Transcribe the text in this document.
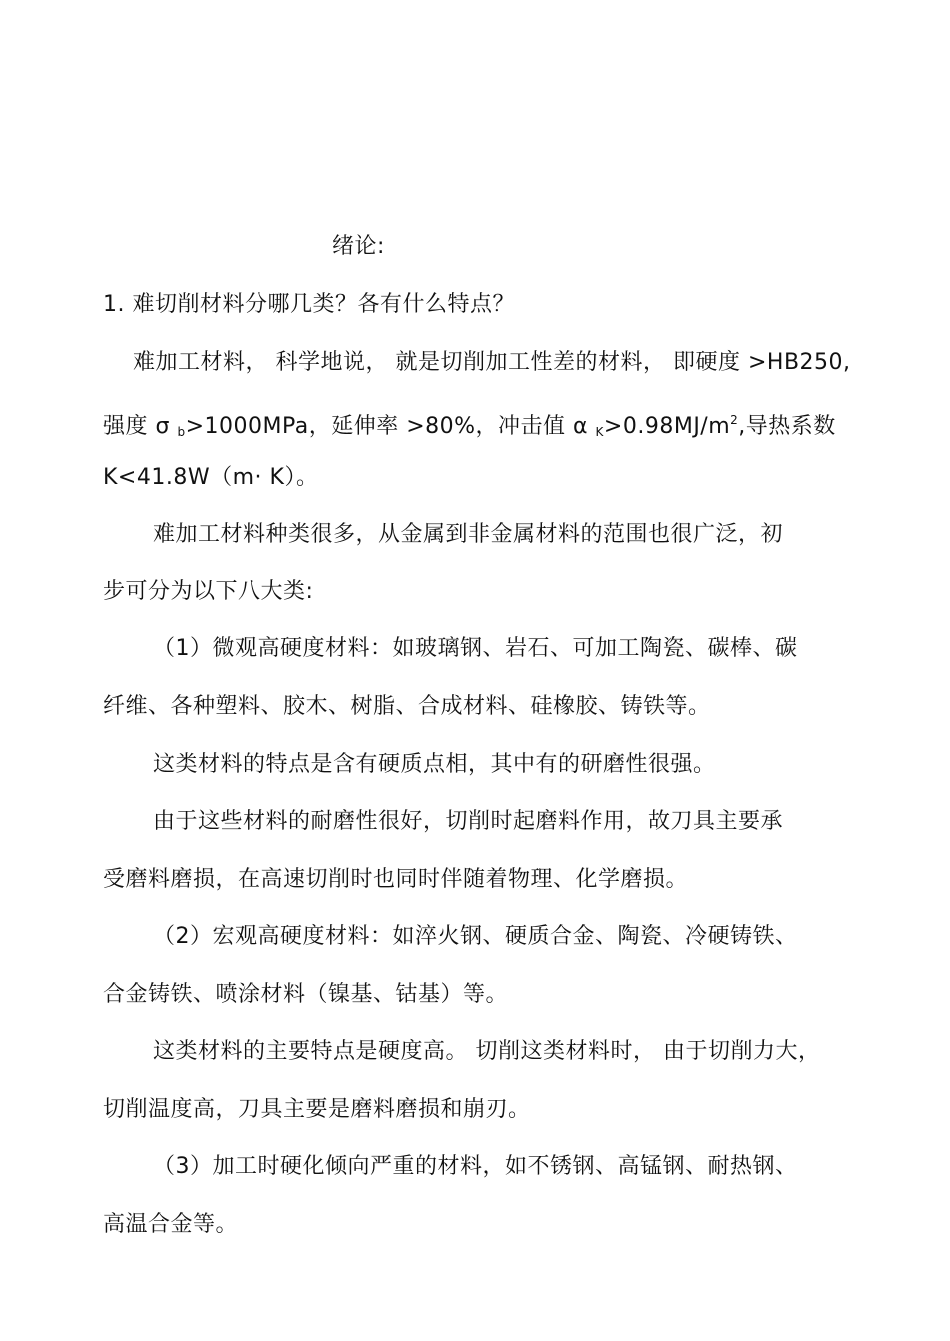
绪论:
1. 难切削材料分哪几类？各有什么特点？
难加工材料， 科学地说， 就是切削加工性差的材料， 即硬度 >HB250,
强度 σ $_b$>1000MPa，延伸率 >80%，冲击值 α $_K>0.98MJ/m^2$,导热系数
K<41.8W（m· K）。
难加工材料种类很多，从金属到非金属材料的范围也很广泛，初
步可分为以下八大类:
（1）微观高硬度材料：如玻璃钢、岩石、可加工陶瓷、碳棒、碳
纤维、各种塑料、胶木、树脂、合成材料、硅橡胶、铸铁等。
这类材料的特点是含有硬质点相，其中有的研磨性很强。
由于这些材料的耐磨性很好，切削时起磨料作用，故刀具主要承
受磨料磨损，在高速切削时也同时伴随着物理、化学磨损。
（2）宏观高硬度材料：如淬火钢、硬质合金、陶瓷、冷硬铸铁、
合金铸铁、喷涂材料（镍基、钴基）等。
这类材料的主要特点是硬度高。 切削这类材料时， 由于切削力大，
切削温度高，刀具主要是磨料磨损和崩刃。
（3）加工时硬化倾向严重的材料，如不锈钢、高锰钢、耐热钢、
高温合金等。
